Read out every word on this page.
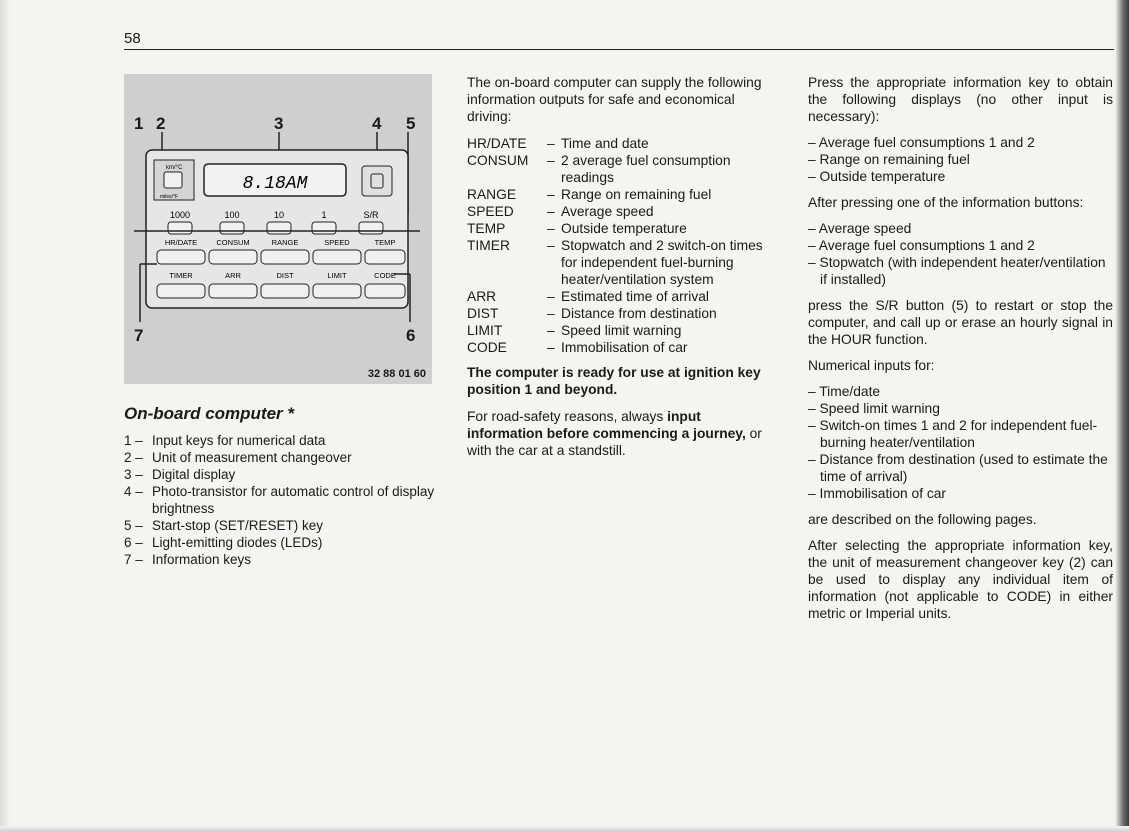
58
km/°C
miles/°F
8.18AM
1000	100	10	1	S/R
HR/DATE	CONSUM	RANGE	SPEED	TEMP
TIMER	ARR	DIST	LIMIT	CODE
1 2	3	4 5
6
7
32 88 01 60
On-board computer *
1 – Input keys for numerical data
2 – Unit of measurement changeover
3 – Digital display
4 – Photo-transistor for automatic control of display brightness
5 – Start-stop (SET/RESET) key
6 – Light-emitting diodes (LEDs)
7 – Information keys

The on-board computer can supply the following information outputs for safe and economical driving:

HR/DATE	– Time and date
CONSUM	– 2 average fuel consumption readings
RANGE	– Range on remaining fuel
SPEED	– Average speed
TEMP	– Outside temperature
TIMER	– Stopwatch and 2 switch-on times for independent fuel-burning heater/ventilation system
ARR	– Estimated time of arrival
DIST	– Distance from destination
LIMIT	– Speed limit warning
CODE	– Immobilisation of car

The computer is ready for use at ignition key position 1 and beyond.

For road-safety reasons, always input information before commencing a journey, or with the car at a standstill.

Press the appropriate information key to obtain the following displays (no other input is necessary):

– Average fuel consumptions 1 and 2
– Range on remaining fuel
– Outside temperature

After pressing one of the information buttons:

– Average speed
– Average fuel consumptions 1 and 2
– Stopwatch (with independent heater/ventilation if installed)

press the S/R button (5) to restart or stop the computer, and call up or erase an hourly signal in the HOUR function.

Numerical inputs for:

– Time/date
– Speed limit warning
– Switch-on times 1 and 2 for independent fuel-burning heater/ventilation
– Distance from destination (used to estimate the time of arrival)
– Immobilisation of car

are described on the following pages.

After selecting the appropriate information key, the unit of measurement changeover key (2) can be used to display any individual item of information (not applicable to CODE) in either metric or Imperial units.
